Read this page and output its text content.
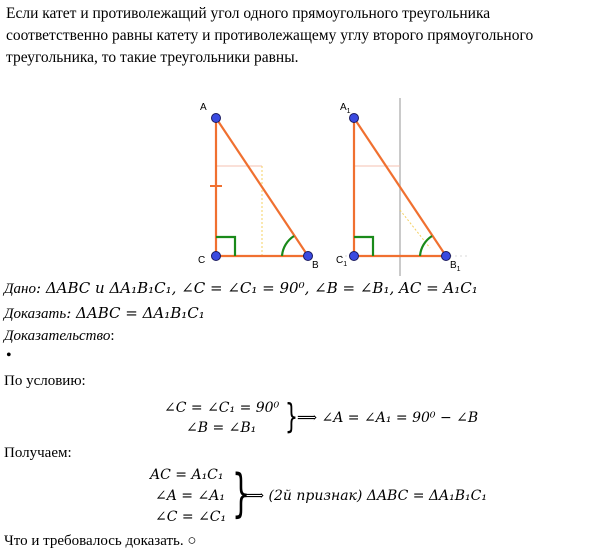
Если катет и противолежащий угол одного прямоугольного треугольника соответственно равны катету и противолежащему углу второго прямоугольного треугольника, то такие треугольники равны.
A
C	B
$A_1$
$C_1$	$B_1$
Дано: ΔABC и ΔA₁B₁C₁, ∠C = ∠C₁ = 90⁰, ∠B = ∠B₁, AC = A₁C₁
Доказать: ΔABC = ΔA₁B₁C₁
Доказательство:
•
По условию:
∠C = ∠C₁ = 90⁰
∠B = ∠B₁ } ⟹ ∠A = ∠A₁ = 90⁰ − ∠B
Получаем:
AC = A₁C₁
∠A = ∠A₁
∠C = ∠C₁ }
⟹ (2й признак) ΔABC = ΔA₁B₁C₁
Что и требовалось доказать. ○
